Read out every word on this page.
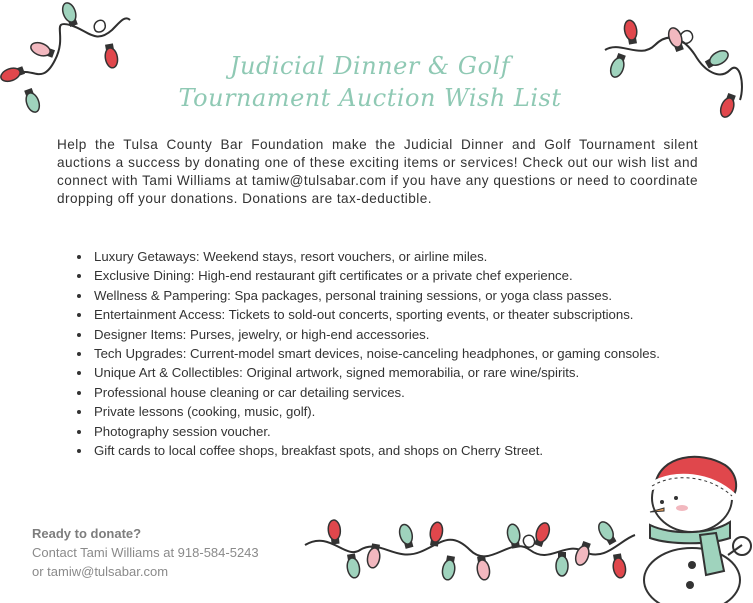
Judicial Dinner & Golf
Tournament Auction Wish List

Help the Tulsa County Bar Foundation make the Judicial Dinner and Golf Tournament silent auctions a success by donating one of these exciting items or services! Check out our wish list and connect with Tami Williams at tamiw@tulsabar.com if you have any questions or need to coordinate dropping off your donations. Donations are tax-deductible.

• Luxury Getaways: Weekend stays, resort vouchers, or airline miles.
• Exclusive Dining: High-end restaurant gift certificates or a private chef experience.
• Wellness & Pampering: Spa packages, personal training sessions, or yoga class passes.
• Entertainment Access: Tickets to sold-out concerts, sporting events, or theater subscriptions.
• Designer Items: Purses, jewelry, or high-end accessories.
• Tech Upgrades: Current-model smart devices, noise-canceling headphones, or gaming consoles.
• Unique Art & Collectibles: Original artwork, signed memorabilia, or rare wine/spirits.
• Professional house cleaning or car detailing services.
• Private lessons (cooking, music, golf).
• Photography session voucher.
• Gift cards to local coffee shops, breakfast spots, and shops on Cherry Street.
Ready to donate?
Contact Tami Williams at 918-584-5243 or tamiw@tulsabar.com
